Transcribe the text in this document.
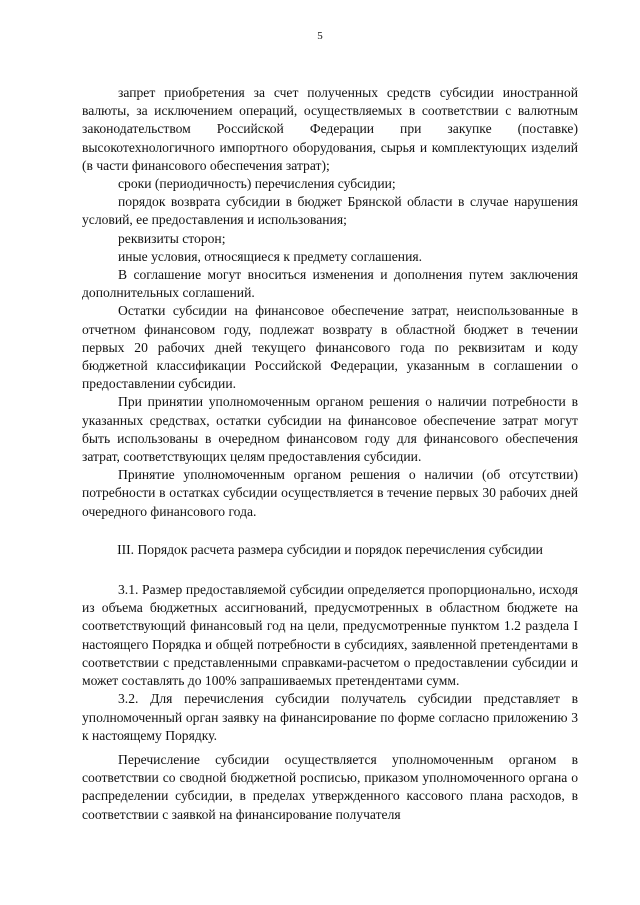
5

запрет приобретения за счет полученных средств субсидии иностранной валюты, за исключением операций, осуществляемых в соответствии с валютным законодательством Российской Федерации при закупке (поставке) высокотехнологичного импортного оборудования, сырья и комплектующих изделий (в части финансового обеспечения затрат);

сроки (периодичность) перечисления субсидии;

порядок возврата субсидии в бюджет Брянской области в случае нарушения условий, ее предоставления и использования;

реквизиты сторон;

иные условия, относящиеся к предмету соглашения.

В соглашение могут вноситься изменения и дополнения путем заключения дополнительных соглашений.

Остатки субсидии на финансовое обеспечение затрат, неиспользованные в отчетном финансовом году, подлежат возврату в областной бюджет в течении первых 20 рабочих дней текущего финансового года по реквизитам и коду бюджетной классификации Российской Федерации, указанным в соглашении о предоставлении субсидии.

При принятии уполномоченным органом решения о наличии потребности в указанных средствах, остатки субсидии на финансовое обеспечение затрат могут быть использованы в очередном финансовом году для финансового обеспечения затрат, соответствующих целям предоставления субсидии.

Принятие уполномоченным органом решения о наличии (об отсутствии) потребности в остатках субсидии осуществляется в течение первых 30 рабочих дней очередного финансового года.

III. Порядок расчета размера субсидии и порядок перечисления субсидии

3.1. Размер предоставляемой субсидии определяется пропорционально, исходя из объема бюджетных ассигнований, предусмотренных в областном бюджете на соответствующий финансовый год на цели, предусмотренные пунктом 1.2 раздела I настоящего Порядка и общей потребности в субсидиях, заявленной претендентами в соответствии с представленными справками-расчетом о предоставлении субсидии и может составлять до 100% запрашиваемых претендентами сумм.

3.2. Для перечисления субсидии получатель субсидии представляет в уполномоченный орган заявку на финансирование по форме согласно приложению 3 к настоящему Порядку.

Перечисление субсидии осуществляется уполномоченным органом в соответствии со сводной бюджетной росписью, приказом уполномоченного органа о распределении субсидии, в пределах утвержденного кассового плана расходов, в соответствии с заявкой на финансирование получателя
